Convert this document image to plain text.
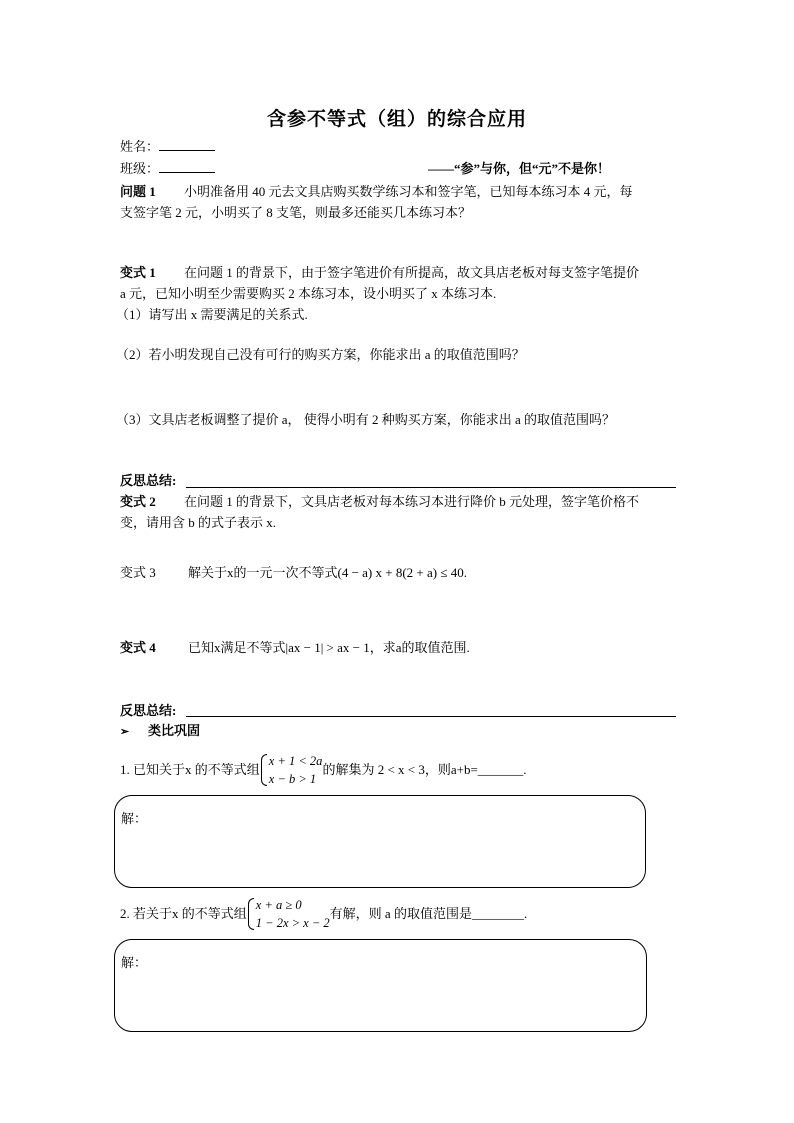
含参不等式（组）的综合应用
姓名：
班级：	——“参”与你，但“元”不是你！
问题 1 小明准备用 40 元去文具店购买数学练习本和签字笔，已知每本练习本 4 元，每
支签字笔 2 元，小明买了 8 支笔，则最多还能买几本练习本？
变式 1 在问题 1 的背景下，由于签字笔进价有所提高，故文具店老板对每支签字笔提价
a 元，已知小明至少需要购买 2 本练习本，设小明买了 x 本练习本.
（1）请写出 x 需要满足的关系式.
（2）若小明发现自己没有可行的购买方案，你能求出 a 的取值范围吗？
（3）文具店老板调整了提价 a， 使得小明有 2 种购买方案，你能求出 a 的取值范围吗？
反思总结:
变式 2 在问题 1 的背景下，文具店老板对每本练习本进行降价 b 元处理，签字笔价格不
变，请用含 b 的式子表示 x.
变式 3 解关于x的一元一次不等式(4 − a) x + 8(2 + a) ≤ 40.
变式 4 已知x满足不等式|ax − 1| > ax − 1，求a的取值范围.
反思总结:
➢ 类比巩固
1. 已知关于x 的不等式组
x + 1 < 2a
x − b > 1
的解集为 2 < x < 3，则a+b=_______.
解：
2. 若关于x 的不等式组
x + a ≥ 0
1 − 2x > x − 2
有解，则 a 的取值范围是________.
解：
